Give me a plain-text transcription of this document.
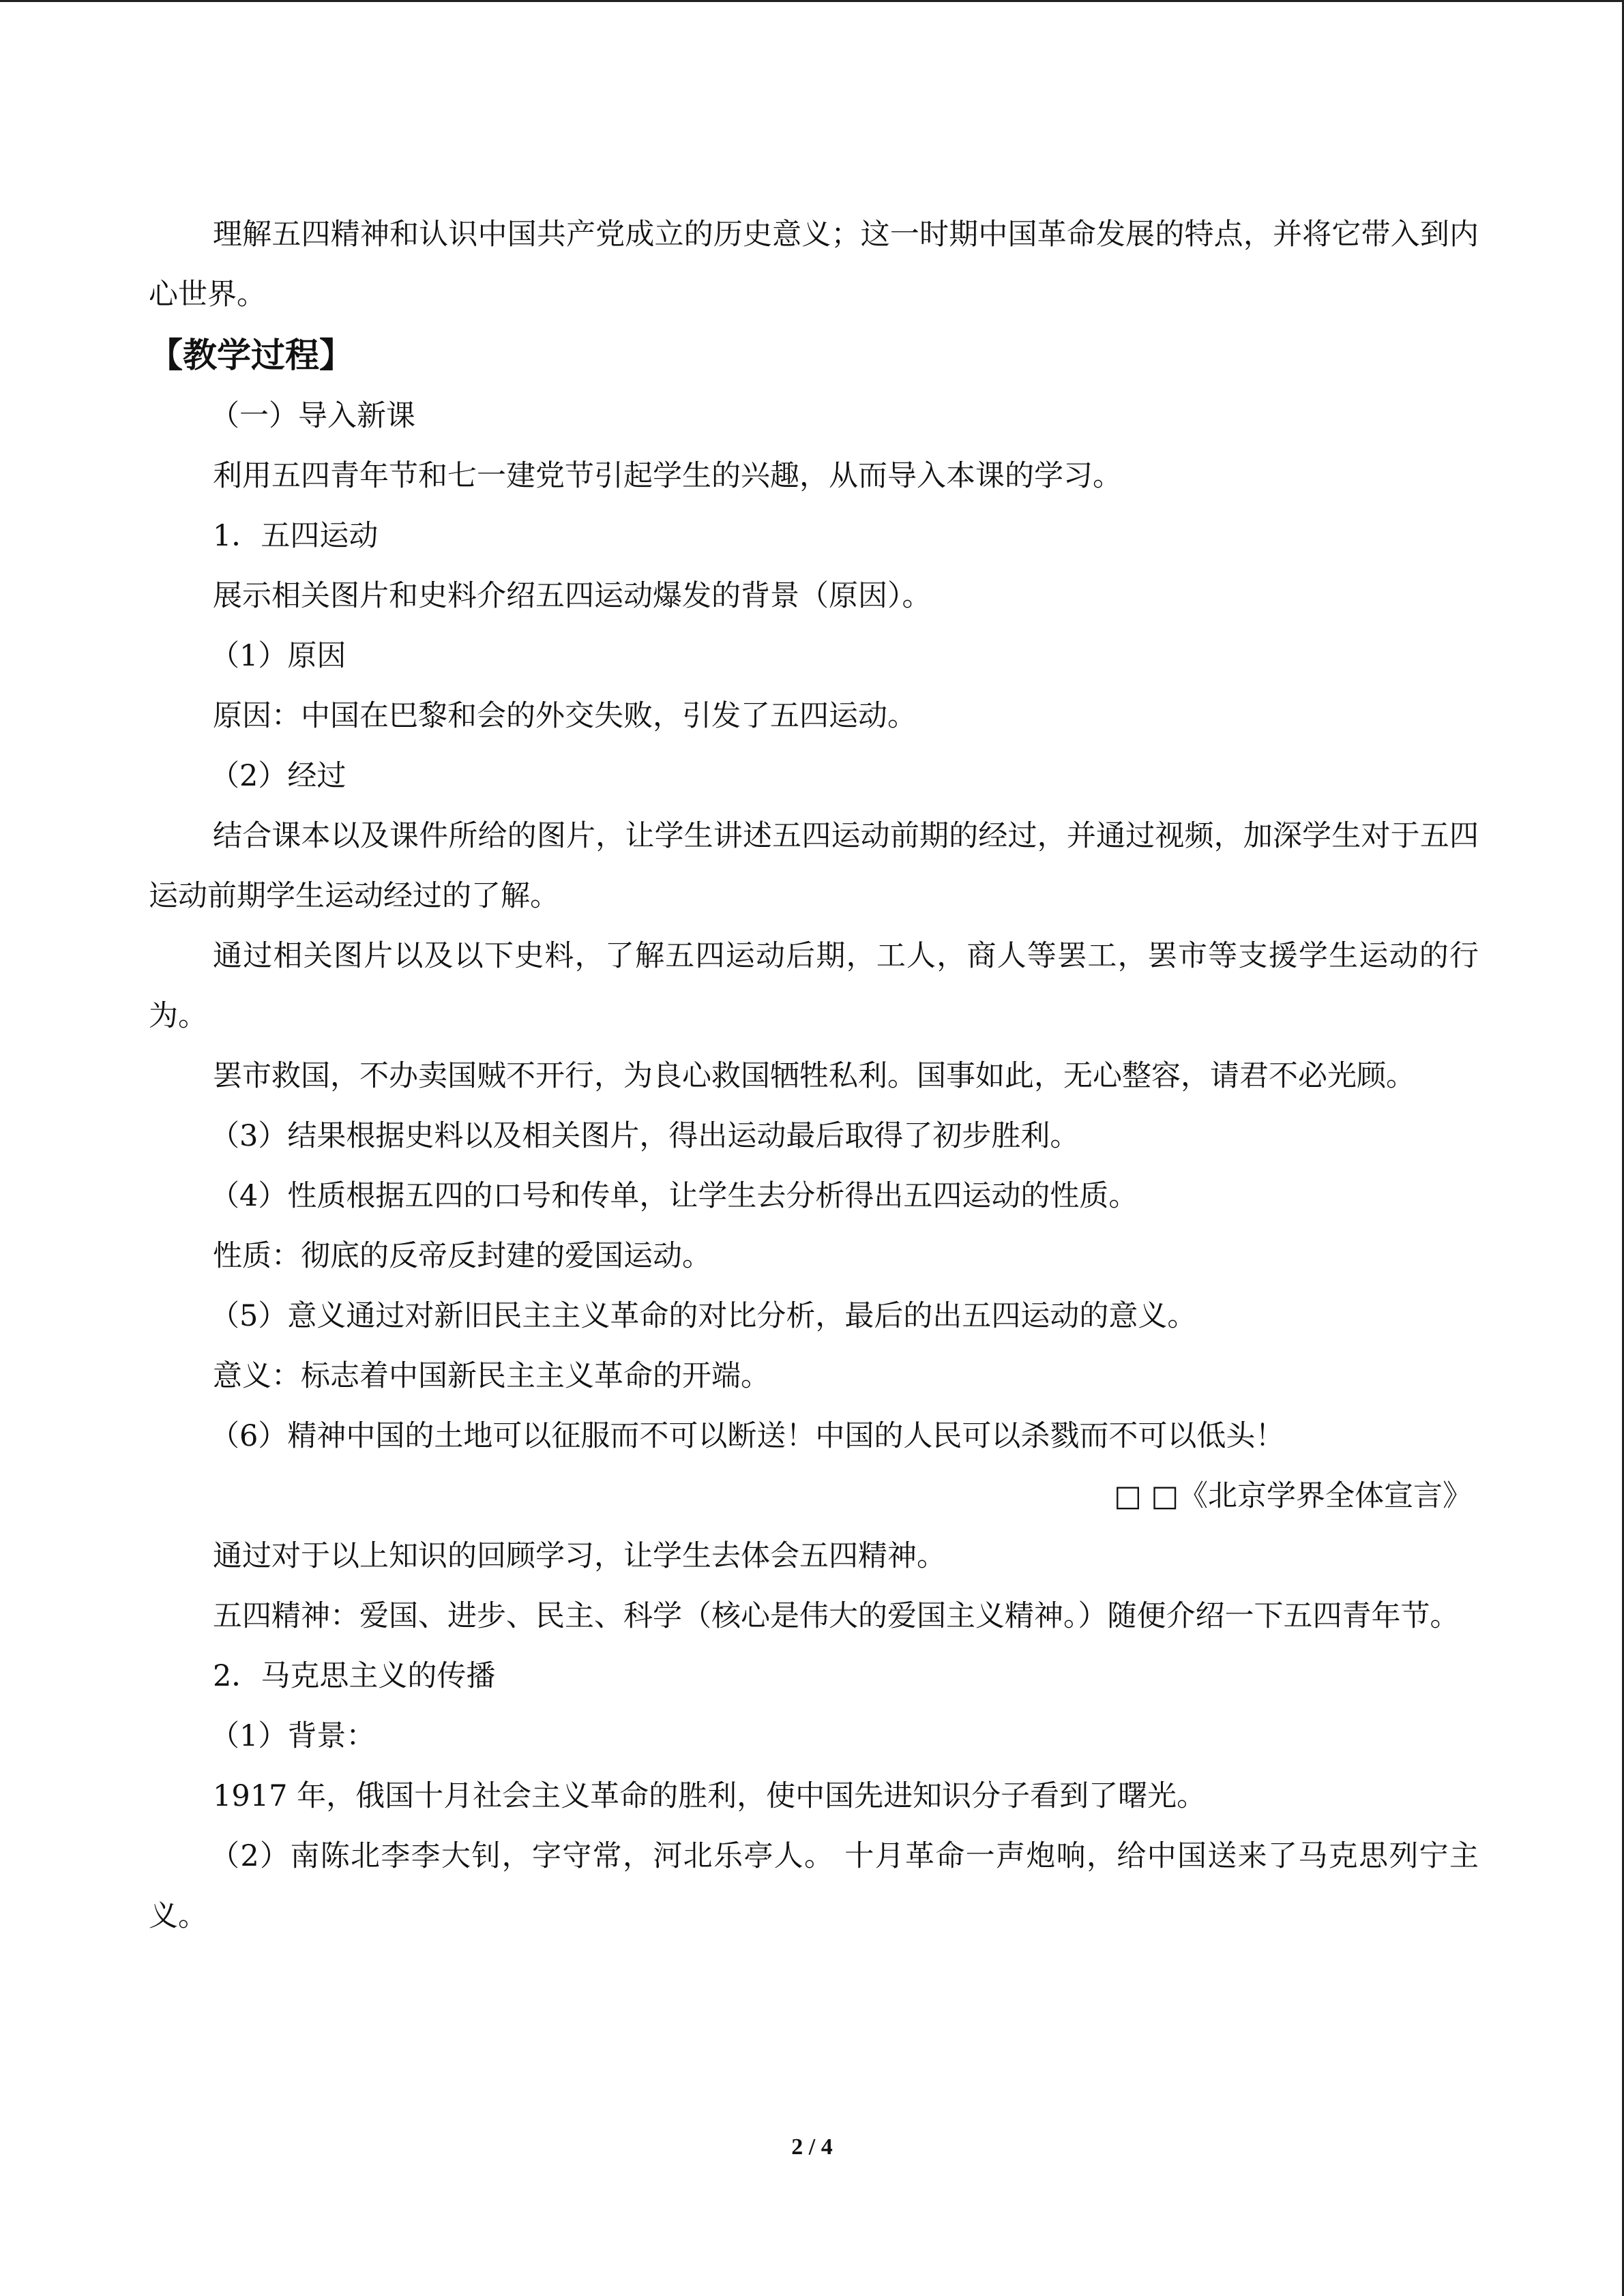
理解五四精神和认识中国共产党成立的历史意义；这一时期中国革命发展的特点，并将它带入到内心世界。

【教学过程】

（一）导入新课

利用五四青年节和七一建党节引起学生的兴趣，从而导入本课的学习。

1．五四运动

展示相关图片和史料介绍五四运动爆发的背景（原因）。

（1）原因

原因：中国在巴黎和会的外交失败，引发了五四运动。

（2）经过

结合课本以及课件所给的图片，让学生讲述五四运动前期的经过，并通过视频，加深学生对于五四运动前期学生运动经过的了解。

通过相关图片以及以下史料，了解五四运动后期，工人，商人等罢工，罢市等支援学生运动的行为。

罢市救国，不办卖国贼不开行，为良心救国牺牲私利。国事如此，无心整容，请君不必光顾。

（3）结果根据史料以及相关图片，得出运动最后取得了初步胜利。

（4）性质根据五四的口号和传单，让学生去分析得出五四运动的性质。

性质：彻底的反帝反封建的爱国运动。

（5）意义通过对新旧民主主义革命的对比分析，最后的出五四运动的意义。

意义：标志着中国新民主主义革命的开端。

（6）精神中国的土地可以征服而不可以断送！中国的人民可以杀戮而不可以低头！

□ □《北京学界全体宣言》

通过对于以上知识的回顾学习，让学生去体会五四精神。

五四精神：爱国、进步、民主、科学（核心是伟大的爱国主义精神。）随便介绍一下五四青年节。

2．马克思主义的传播

（1）背景：

1917 年，俄国十月社会主义革命的胜利，使中国先进知识分子看到了曙光。

（2）南陈北李李大钊，字守常，河北乐亭人。 十月革命一声炮响，给中国送来了马克思列宁主义。

2 / 4
